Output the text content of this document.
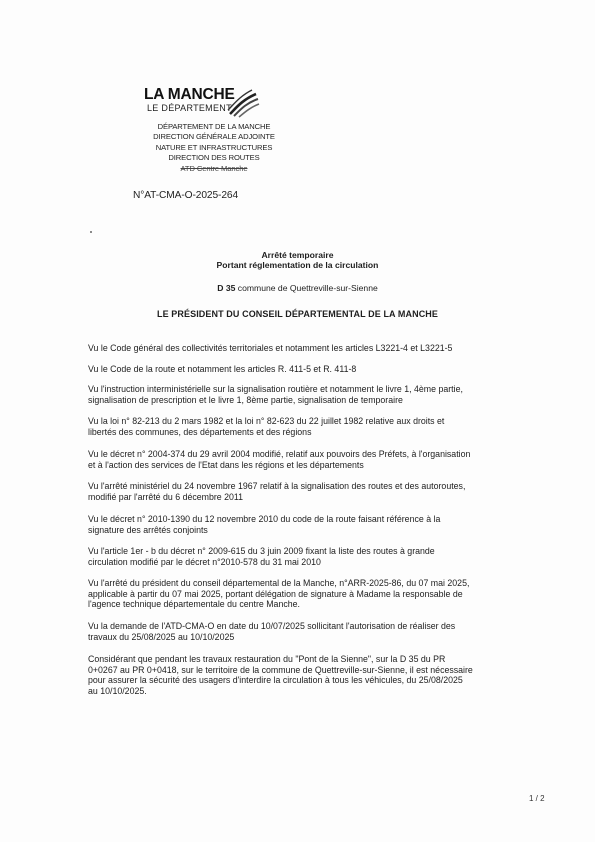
LA MANCHE
LE DÉPARTEMENT
DÉPARTEMENT DE LA MANCHE
DIRECTION GÉNÉRALE ADJOINTE
NATURE ET INFRASTRUCTURES
DIRECTION DES ROUTES
ATD Centre Manche
N°AT-CMA-O-2025-264
Arrêté temporaire
Portant réglementation de la circulation
D 35 commune de Quettreville-sur-Sienne
LE PRÉSIDENT DU CONSEIL DÉPARTEMENTAL DE LA MANCHE
Vu le Code général des collectivités territoriales et notamment les articles L3221-4 et L3221-5
Vu le Code de la route et notamment les articles R. 411-5 et R. 411-8
Vu l'instruction interministérielle sur la signalisation routière et notamment le livre 1, 4ème partie,
signalisation de prescription et le livre 1, 8ème partie, signalisation de temporaire
Vu la loi n° 82-213 du 2 mars 1982 et la loi n° 82-623 du 22 juillet 1982 relative aux droits et
libertés des communes, des départements et des régions
Vu le décret n° 2004-374 du 29 avril 2004 modifié, relatif aux pouvoirs des Préfets, à l'organisation
et à l'action des services de l'Etat dans les régions et les départements
Vu l'arrêté ministériel du 24 novembre 1967 relatif à la signalisation des routes et des autoroutes,
modifié par l'arrêté du 6 décembre 2011
Vu le décret n° 2010-1390 du 12 novembre 2010 du code de la route faisant référence à la
signature des arrêtés conjoints
Vu l'article 1er - b du décret n° 2009-615 du 3 juin 2009 fixant la liste des routes à grande
circulation modifié par le décret n°2010-578 du 31 mai 2010
Vu l'arrêté du président du conseil départemental de la Manche, n°ARR-2025-86, du 07 mai 2025,
applicable à partir du 07 mai 2025, portant délégation de signature à Madame la responsable de
l'agence technique départementale du centre Manche.
Vu la demande de l'ATD-CMA-O en date du 10/07/2025 sollicitant l'autorisation de réaliser des
travaux du 25/08/2025 au 10/10/2025
Considérant que pendant les travaux restauration du "Pont de la Sienne", sur la D 35 du PR
0+0267 au PR 0+0418, sur le territoire de la commune de Quettreville-sur-Sienne, il est nécessaire
pour assurer la sécurité des usagers d'interdire la circulation à tous les véhicules, du 25/08/2025
au 10/10/2025.
1 / 2
